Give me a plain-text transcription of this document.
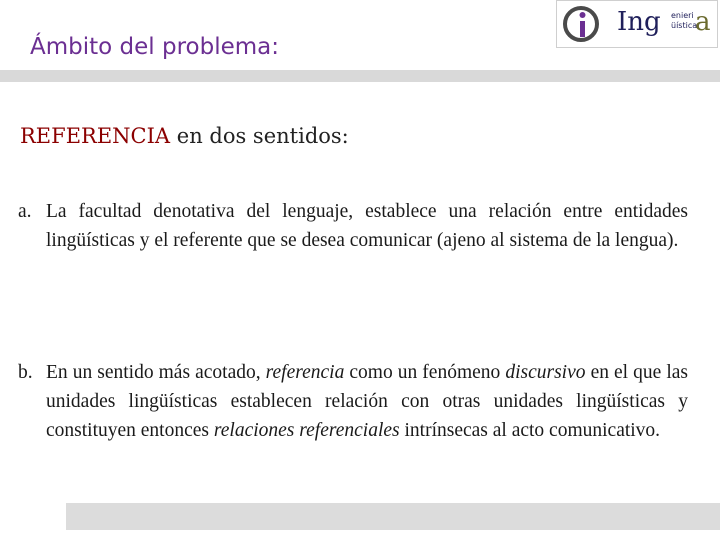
Ámbito del problema:
Ing enieri
üística
a
REFERENCIA en dos sentidos:
a. La facultad denotativa del lenguaje, establece una relación entre entidades lingüísticas y el referente que se desea comunicar (ajeno al sistema de la lengua).
b. En un sentido más acotado, referencia como un fenómeno discursivo en el que las unidades lingüísticas establecen relación con otras unidades lingüísticas y constituyen entonces relaciones referenciales intrínsecas al acto comunicativo.
